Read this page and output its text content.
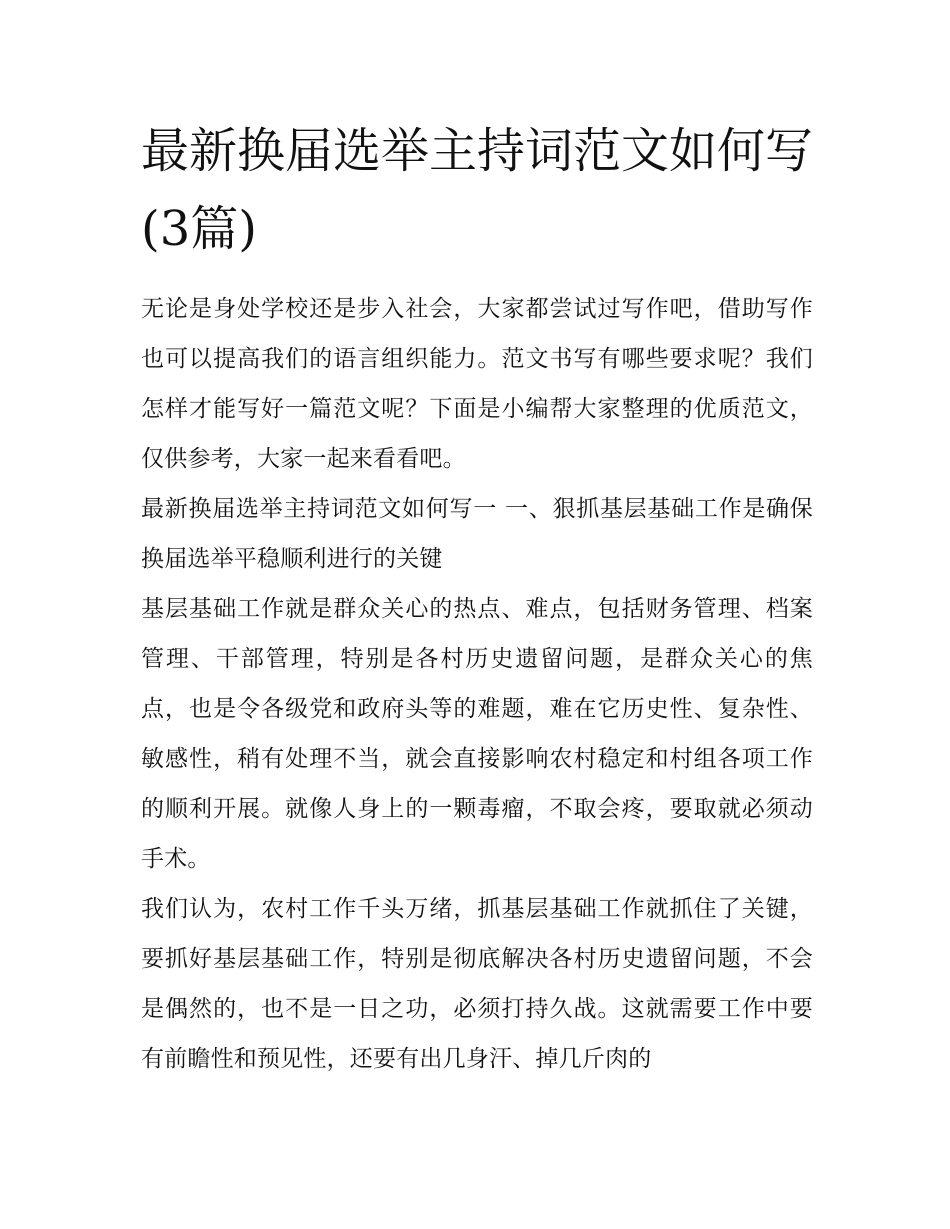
最新换届选举主持词范文如何写(3篇)

无论是身处学校还是步入社会，大家都尝试过写作吧，借助写作也可以提高我们的语言组织能力。范文书写有哪些要求呢？我们怎样才能写好一篇范文呢？下面是小编帮大家整理的优质范文，仅供参考，大家一起来看看吧。

最新换届选举主持词范文如何写一 一、狠抓基层基础工作是确保换届选举平稳顺利进行的关键

基层基础工作就是群众关心的热点、难点，包括财务管理、档案管理、干部管理，特别是各村历史遗留问题，是群众关心的焦点，也是令各级党和政府头等的难题，难在它历史性、复杂性、敏感性，稍有处理不当，就会直接影响农村稳定和村组各项工作的顺利开展。就像人身上的一颗毒瘤，不取会疼，要取就必须动手术。

我们认为，农村工作千头万绪，抓基层基础工作就抓住了关键，要抓好基层基础工作，特别是彻底解决各村历史遗留问题，不会是偶然的，也不是一日之功，必须打持久战。这就需要工作中要有前瞻性和预见性，还要有出几身汗、掉几斤肉的
